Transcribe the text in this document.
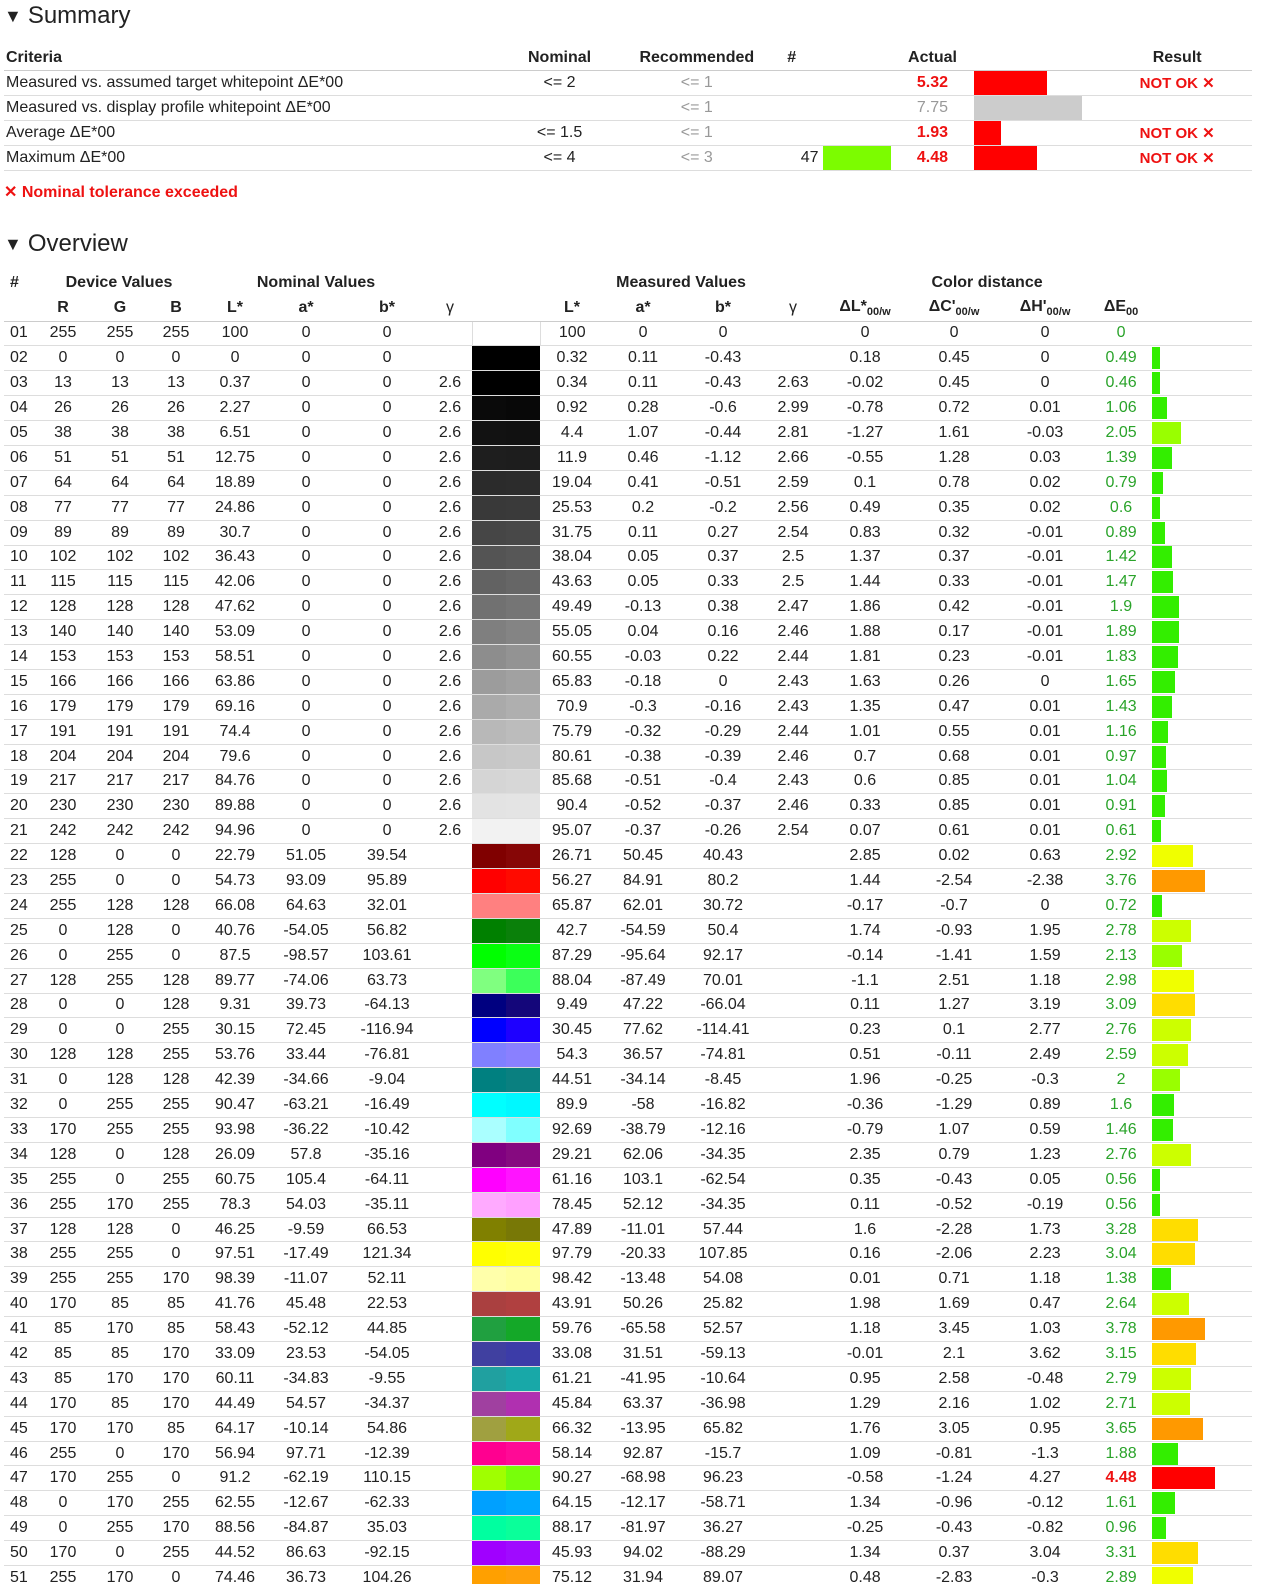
▼ Summary
Criteria	Nominal	Recommended	#		Actual		Result
Measured vs. assumed target whitepoint ΔE*00	<= 2	<= 1			5.32		NOT OK ✕
Measured vs. display profile whitepoint ΔE*00		<= 1			7.75	

Average ΔE*00	<= 1.5	<= 1			1.93		NOT OK ✕
Maximum ΔE*00	<= 4	<= 3	47		4.48		NOT OK ✕
✕ Nominal tolerance exceeded
▼ Overview
#	Device Values			Nominal Values					Measured Values				Color distance				
	R	G	B	L*	a*	b*	γ		L*	a*	b*	γ	$\Delta L*_{00/w}$	$\Delta C'_{00/w}$	$\Delta H'_{00/w}$	$\Delta E_{00}$	
01	255	255	255	100	0	0			100	0	0		0	0	0	0	
02	0	0	0	0	0	0			0.32	0.11	-0.43		0.18	0.45	0	0.49	

03	13	13	13	0.37	0	0	2.6		0.34	0.11	-0.43	2.63	-0.02	0.45	0	0.46	

04	26	26	26	2.27	0	0	2.6		0.92	0.28	-0.6	2.99	-0.78	0.72	0.01	1.06	

05	38	38	38	6.51	0	0	2.6		4.4	1.07	-0.44	2.81	-1.27	1.61	-0.03	2.05	

06	51	51	51	12.75	0	0	2.6		11.9	0.46	-1.12	2.66	-0.55	1.28	0.03	1.39	

07	64	64	64	18.89	0	0	2.6		19.04	0.41	-0.51	2.59	0.1	0.78	0.02	0.79	

08	77	77	77	24.86	0	0	2.6		25.53	0.2	-0.2	2.56	0.49	0.35	0.02	0.6	

09	89	89	89	30.7	0	0	2.6		31.75	0.11	0.27	2.54	0.83	0.32	-0.01	0.89	

10	102	102	102	36.43	0	0	2.6		38.04	0.05	0.37	2.5	1.37	0.37	-0.01	1.42	

11	115	115	115	42.06	0	0	2.6		43.63	0.05	0.33	2.5	1.44	0.33	-0.01	1.47	

12	128	128	128	47.62	0	0	2.6		49.49	-0.13	0.38	2.47	1.86	0.42	-0.01	1.9	

13	140	140	140	53.09	0	0	2.6		55.05	0.04	0.16	2.46	1.88	0.17	-0.01	1.89	

14	153	153	153	58.51	0	0	2.6		60.55	-0.03	0.22	2.44	1.81	0.23	-0.01	1.83	

15	166	166	166	63.86	0	0	2.6		65.83	-0.18	0	2.43	1.63	0.26	0	1.65	

16	179	179	179	69.16	0	0	2.6		70.9	-0.3	-0.16	2.43	1.35	0.47	0.01	1.43	

17	191	191	191	74.4	0	0	2.6		75.79	-0.32	-0.29	2.44	1.01	0.55	0.01	1.16	

18	204	204	204	79.6	0	0	2.6		80.61	-0.38	-0.39	2.46	0.7	0.68	0.01	0.97	

19	217	217	217	84.76	0	0	2.6		85.68	-0.51	-0.4	2.43	0.6	0.85	0.01	1.04	

20	230	230	230	89.88	0	0	2.6		90.4	-0.52	-0.37	2.46	0.33	0.85	0.01	0.91	

21	242	242	242	94.96	0	0	2.6		95.07	-0.37	-0.26	2.54	0.07	0.61	0.01	0.61	

22	128	0	0	22.79	51.05	39.54			26.71	50.45	40.43		2.85	0.02	0.63	2.92	

23	255	0	0	54.73	93.09	95.89			56.27	84.91	80.2		1.44	-2.54	-2.38	3.76	

24	255	128	128	66.08	64.63	32.01			65.87	62.01	30.72		-0.17	-0.7	0	0.72	

25	0	128	0	40.76	-54.05	56.82			42.7	-54.59	50.4		1.74	-0.93	1.95	2.78	

26	0	255	0	87.5	-98.57	103.61			87.29	-95.64	92.17		-0.14	-1.41	1.59	2.13	

27	128	255	128	89.77	-74.06	63.73			88.04	-87.49	70.01		-1.1	2.51	1.18	2.98	

28	0	0	128	9.31	39.73	-64.13			9.49	47.22	-66.04		0.11	1.27	3.19	3.09	

29	0	0	255	30.15	72.45	-116.94			30.45	77.62	-114.41		0.23	0.1	2.77	2.76	

30	128	128	255	53.76	33.44	-76.81			54.3	36.57	-74.81		0.51	-0.11	2.49	2.59	

31	0	128	128	42.39	-34.66	-9.04			44.51	-34.14	-8.45		1.96	-0.25	-0.3	2	

32	0	255	255	90.47	-63.21	-16.49			89.9	-58	-16.82		-0.36	-1.29	0.89	1.6	

33	170	255	255	93.98	-36.22	-10.42			92.69	-38.79	-12.16		-0.79	1.07	0.59	1.46	

34	128	0	128	26.09	57.8	-35.16			29.21	62.06	-34.35		2.35	0.79	1.23	2.76	

35	255	0	255	60.75	105.4	-64.11			61.16	103.1	-62.54		0.35	-0.43	0.05	0.56	

36	255	170	255	78.3	54.03	-35.11			78.45	52.12	-34.35		0.11	-0.52	-0.19	0.56	

37	128	128	0	46.25	-9.59	66.53			47.89	-11.01	57.44		1.6	-2.28	1.73	3.28	

38	255	255	0	97.51	-17.49	121.34			97.79	-20.33	107.85		0.16	-2.06	2.23	3.04	

39	255	255	170	98.39	-11.07	52.11			98.42	-13.48	54.08		0.01	0.71	1.18	1.38	

40	170	85	85	41.76	45.48	22.53			43.91	50.26	25.82		1.98	1.69	0.47	2.64	

41	85	170	85	58.43	-52.12	44.85			59.76	-65.58	52.57		1.18	3.45	1.03	3.78	

42	85	85	170	33.09	23.53	-54.05			33.08	31.51	-59.13		-0.01	2.1	3.62	3.15	

43	85	170	170	60.11	-34.83	-9.55			61.21	-41.95	-10.64		0.95	2.58	-0.48	2.79	

44	170	85	170	44.49	54.57	-34.37			45.84	63.37	-36.98		1.29	2.16	1.02	2.71	

45	170	170	85	64.17	-10.14	54.86			66.32	-13.95	65.82		1.76	3.05	0.95	3.65	

46	255	0	170	56.94	97.71	-12.39			58.14	92.87	-15.7		1.09	-0.81	-1.3	1.88	

47	170	255	0	91.2	-62.19	110.15			90.27	-68.98	96.23		-0.58	-1.24	4.27	4.48	

48	0	170	255	62.55	-12.67	-62.33			64.15	-12.17	-58.71		1.34	-0.96	-0.12	1.61	

49	0	255	170	88.56	-84.87	35.03			88.17	-81.97	36.27		-0.25	-0.43	-0.82	0.96	

50	170	0	255	44.52	86.63	-92.15			45.93	94.02	-88.29		1.34	0.37	3.04	3.31	

51	255	170	0	74.46	36.73	104.26			75.12	31.94	89.07		0.48	-2.83	-0.3	2.89	
